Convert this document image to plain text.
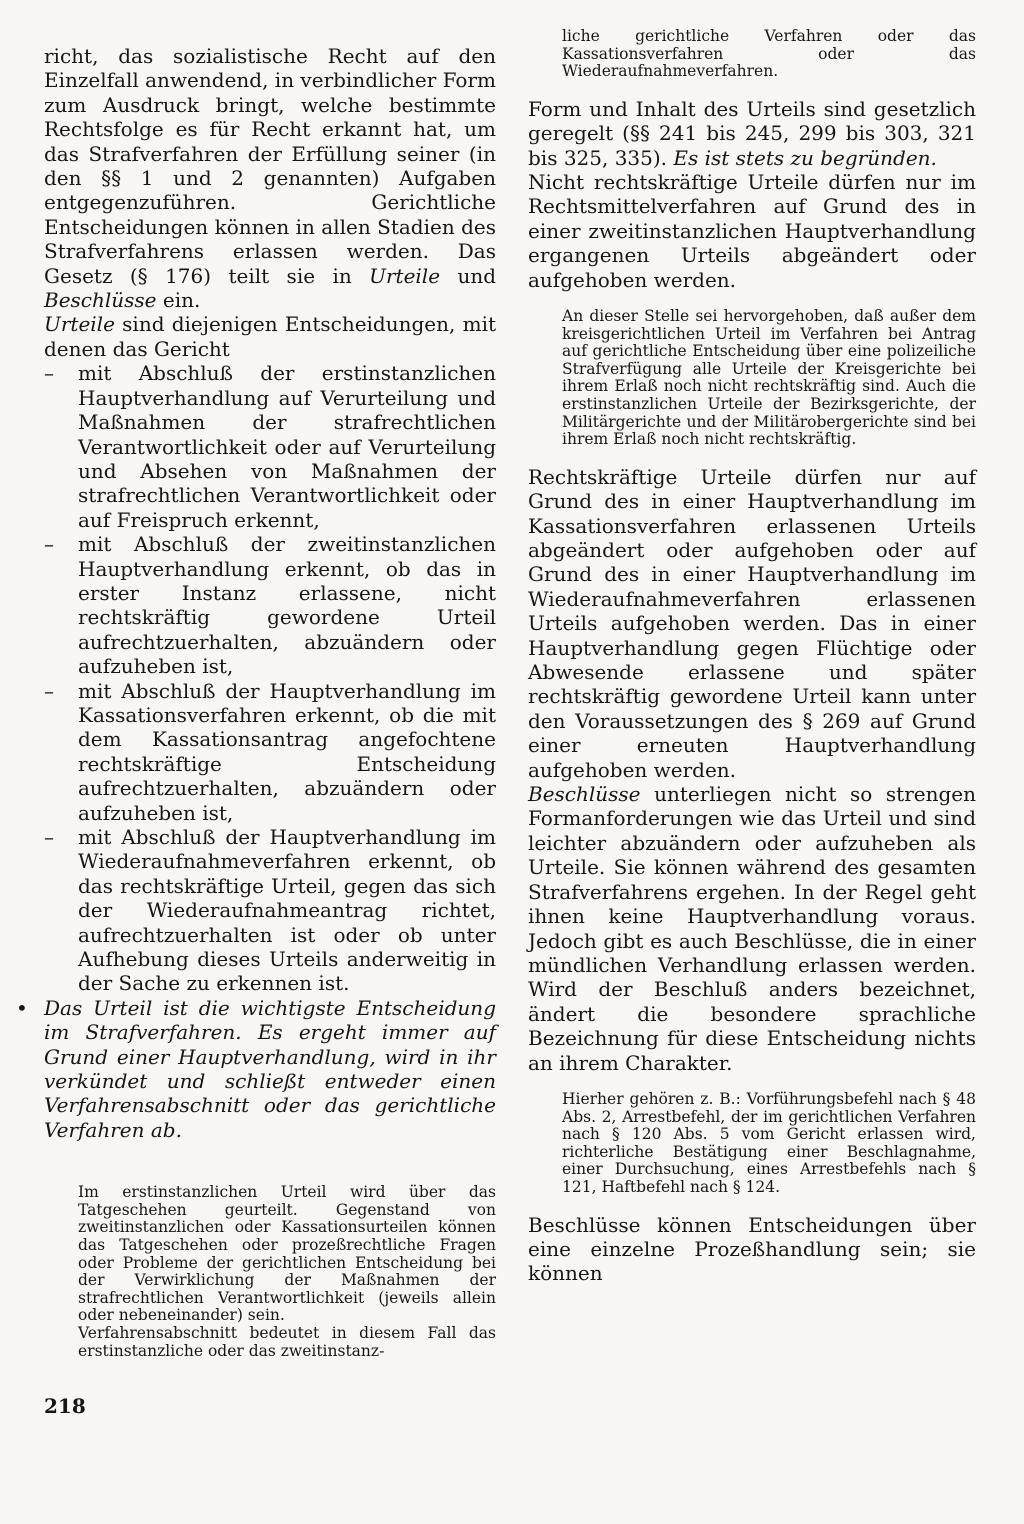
richt, das sozialistische Recht auf den Einzelfall anwendend, in verbindlicher Form zum Ausdruck bringt, welche bestimmte Rechtsfolge es für Recht erkannt hat, um das Strafverfahren der Erfüllung seiner (in den §§ 1 und 2 genannten) Aufgaben entgegenzuführen. Gerichtliche Entscheidungen können in allen Stadien des Strafverfahrens erlassen werden. Das Gesetz (§ 176) teilt sie in Urteile und Beschlüsse ein.

Urteile sind diejenigen Entscheidungen, mit denen das Gericht

– mit Abschluß der erstinstanzlichen Hauptverhandlung auf Verurteilung und Maßnahmen der strafrechtlichen Verantwortlichkeit oder auf Verurteilung und Absehen von Maßnahmen der strafrechtlichen Verantwortlichkeit oder auf Freispruch erkennt,
– mit Abschluß der zweitinstanzlichen Hauptverhandlung erkennt, ob das in erster Instanz erlassene, nicht rechtskräftig gewordene Urteil aufrechtzuerhalten, abzuändern oder aufzuheben ist,
– mit Abschluß der Hauptverhandlung im Kassationsverfahren erkennt, ob die mit dem Kassationsantrag angefochtene rechtskräftige Entscheidung aufrechtzuerhalten, abzuändern oder aufzuheben ist,
– mit Abschluß der Hauptverhandlung im Wiederaufnahmeverfahren erkennt, ob das rechtskräftige Urteil, gegen das sich der Wiederaufnahmeantrag richtet, aufrechtzuerhalten ist oder ob unter Aufhebung dieses Urteils anderweitig in der Sache zu erkennen ist.
• Das Urteil ist die wichtigste Entscheidung im Strafverfahren. Es ergeht immer auf Grund einer Hauptverhandlung, wird in ihr verkündet und schließt entweder einen Verfahrensabschnitt oder das gerichtliche Verfahren ab.

Im erstinstanzlichen Urteil wird über das Tatgeschehen geurteilt. Gegenstand von zweitinstanzlichen oder Kassationsurteilen können das Tatgeschehen oder prozeßrechtliche Fragen oder Probleme der gerichtlichen Entscheidung bei der Verwirklichung der Maßnahmen der strafrechtlichen Verantwortlichkeit (jeweils allein oder nebeneinander) sein.

Verfahrensabschnitt bedeutet in diesem Fall das erstinstanzliche oder das zweitinstanz-

liche gerichtliche Verfahren oder das Kassationsverfahren oder das Wiederaufnahmeverfahren.

Form und Inhalt des Urteils sind gesetzlich geregelt (§§ 241 bis 245, 299 bis 303, 321 bis 325, 335). Es ist stets zu begründen.

Nicht rechtskräftige Urteile dürfen nur im Rechtsmittelverfahren auf Grund des in einer zweitinstanzlichen Hauptverhandlung ergangenen Urteils abgeändert oder aufgehoben werden.

An dieser Stelle sei hervorgehoben, daß außer dem kreisgerichtlichen Urteil im Verfahren bei Antrag auf gerichtliche Entscheidung über eine polizeiliche Strafverfügung alle Urteile der Kreisgerichte bei ihrem Erlaß noch nicht rechtskräftig sind. Auch die erstinstanzlichen Urteile der Bezirksgerichte, der Militärgerichte und der Militärobergerichte sind bei ihrem Erlaß noch nicht rechtskräftig.

Rechtskräftige Urteile dürfen nur auf Grund des in einer Hauptverhandlung im Kassationsverfahren erlassenen Urteils abgeändert oder aufgehoben oder auf Grund des in einer Hauptverhandlung im Wiederaufnahmeverfahren erlassenen Urteils aufgehoben werden. Das in einer Hauptverhandlung gegen Flüchtige oder Abwesende erlassene und später rechtskräftig gewordene Urteil kann unter den Voraussetzungen des § 269 auf Grund einer erneuten Hauptverhandlung aufgehoben werden.

Beschlüsse unterliegen nicht so strengen Formanforderungen wie das Urteil und sind leichter abzuändern oder aufzuheben als Urteile. Sie können während des gesamten Strafverfahrens ergehen. In der Regel geht ihnen keine Hauptverhandlung voraus. Jedoch gibt es auch Beschlüsse, die in einer mündlichen Verhandlung erlassen werden. Wird der Beschluß anders bezeichnet, ändert die besondere sprachliche Bezeichnung für diese Entscheidung nichts an ihrem Charakter.

Hierher gehören z. B.: Vorführungsbefehl nach § 48 Abs. 2, Arrestbefehl, der im gerichtlichen Verfahren nach § 120 Abs. 5 vom Gericht erlassen wird, richterliche Bestätigung einer Beschlagnahme, einer Durchsuchung, eines Arrestbefehls nach § 121, Haftbefehl nach § 124.

Beschlüsse können Entscheidungen über eine einzelne Prozeßhandlung sein; sie können

218
